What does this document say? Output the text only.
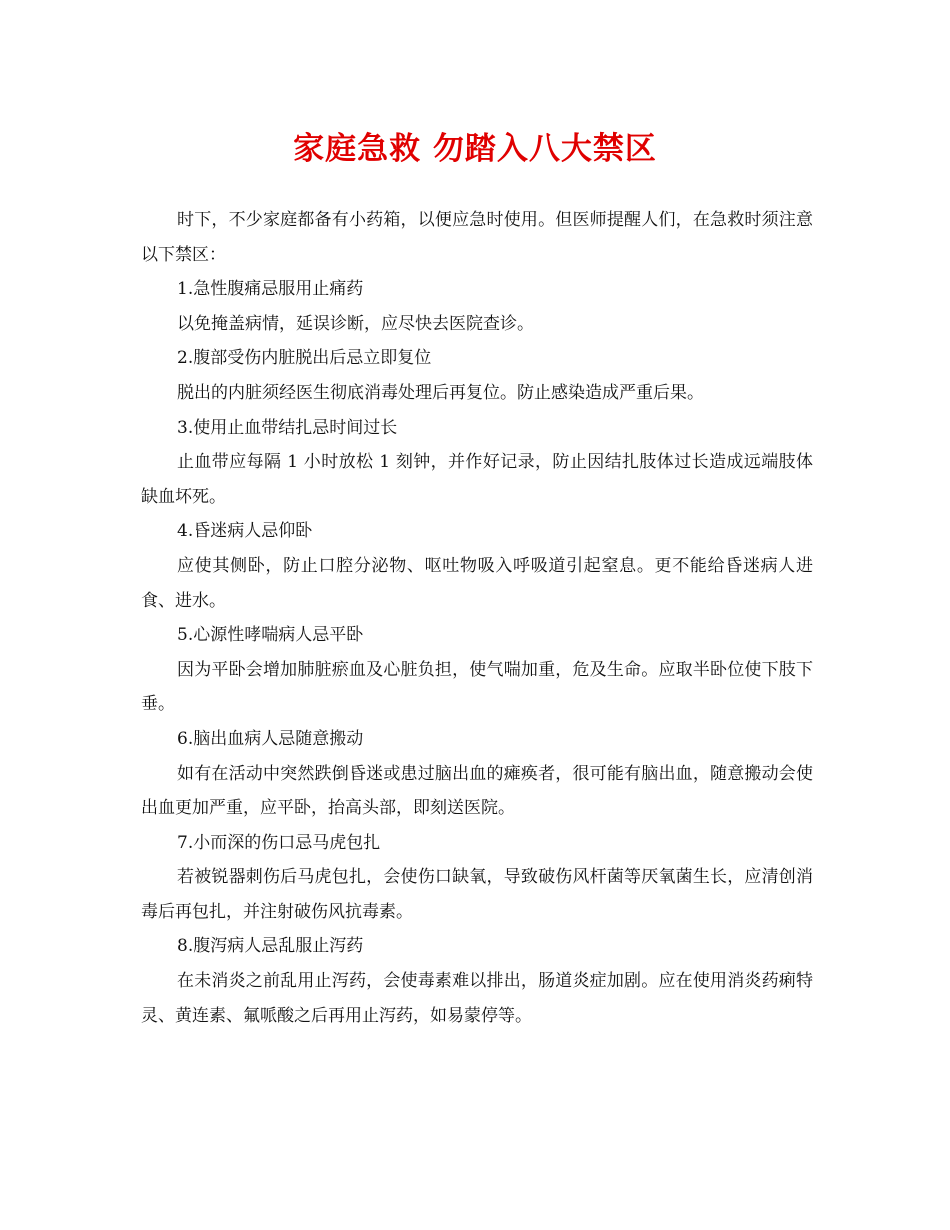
家庭急救 勿踏入八大禁区

时下，不少家庭都备有小药箱，以便应急时使用。但医师提醒人们，在急救时须注意以下禁区：

1.急性腹痛忌服用止痛药

以免掩盖病情，延误诊断，应尽快去医院查诊。

2.腹部受伤内脏脱出后忌立即复位

脱出的内脏须经医生彻底消毒处理后再复位。防止感染造成严重后果。

3.使用止血带结扎忌时间过长

止血带应每隔 1 小时放松 1 刻钟，并作好记录，防止因结扎肢体过长造成远端肢体缺血坏死。

4.昏迷病人忌仰卧

应使其侧卧，防止口腔分泌物、呕吐物吸入呼吸道引起窒息。更不能给昏迷病人进食、进水。

5.心源性哮喘病人忌平卧

因为平卧会增加肺脏瘀血及心脏负担，使气喘加重，危及生命。应取半卧位使下肢下垂。

6.脑出血病人忌随意搬动

如有在活动中突然跌倒昏迷或患过脑出血的瘫痪者，很可能有脑出血，随意搬动会使出血更加严重，应平卧，抬高头部，即刻送医院。

7.小而深的伤口忌马虎包扎

若被锐器刺伤后马虎包扎，会使伤口缺氧，导致破伤风杆菌等厌氧菌生长，应清创消毒后再包扎，并注射破伤风抗毒素。

8.腹泻病人忌乱服止泻药

在未消炎之前乱用止泻药，会使毒素难以排出，肠道炎症加剧。应在使用消炎药痢特灵、黄连素、氟哌酸之后再用止泻药，如易蒙停等。
